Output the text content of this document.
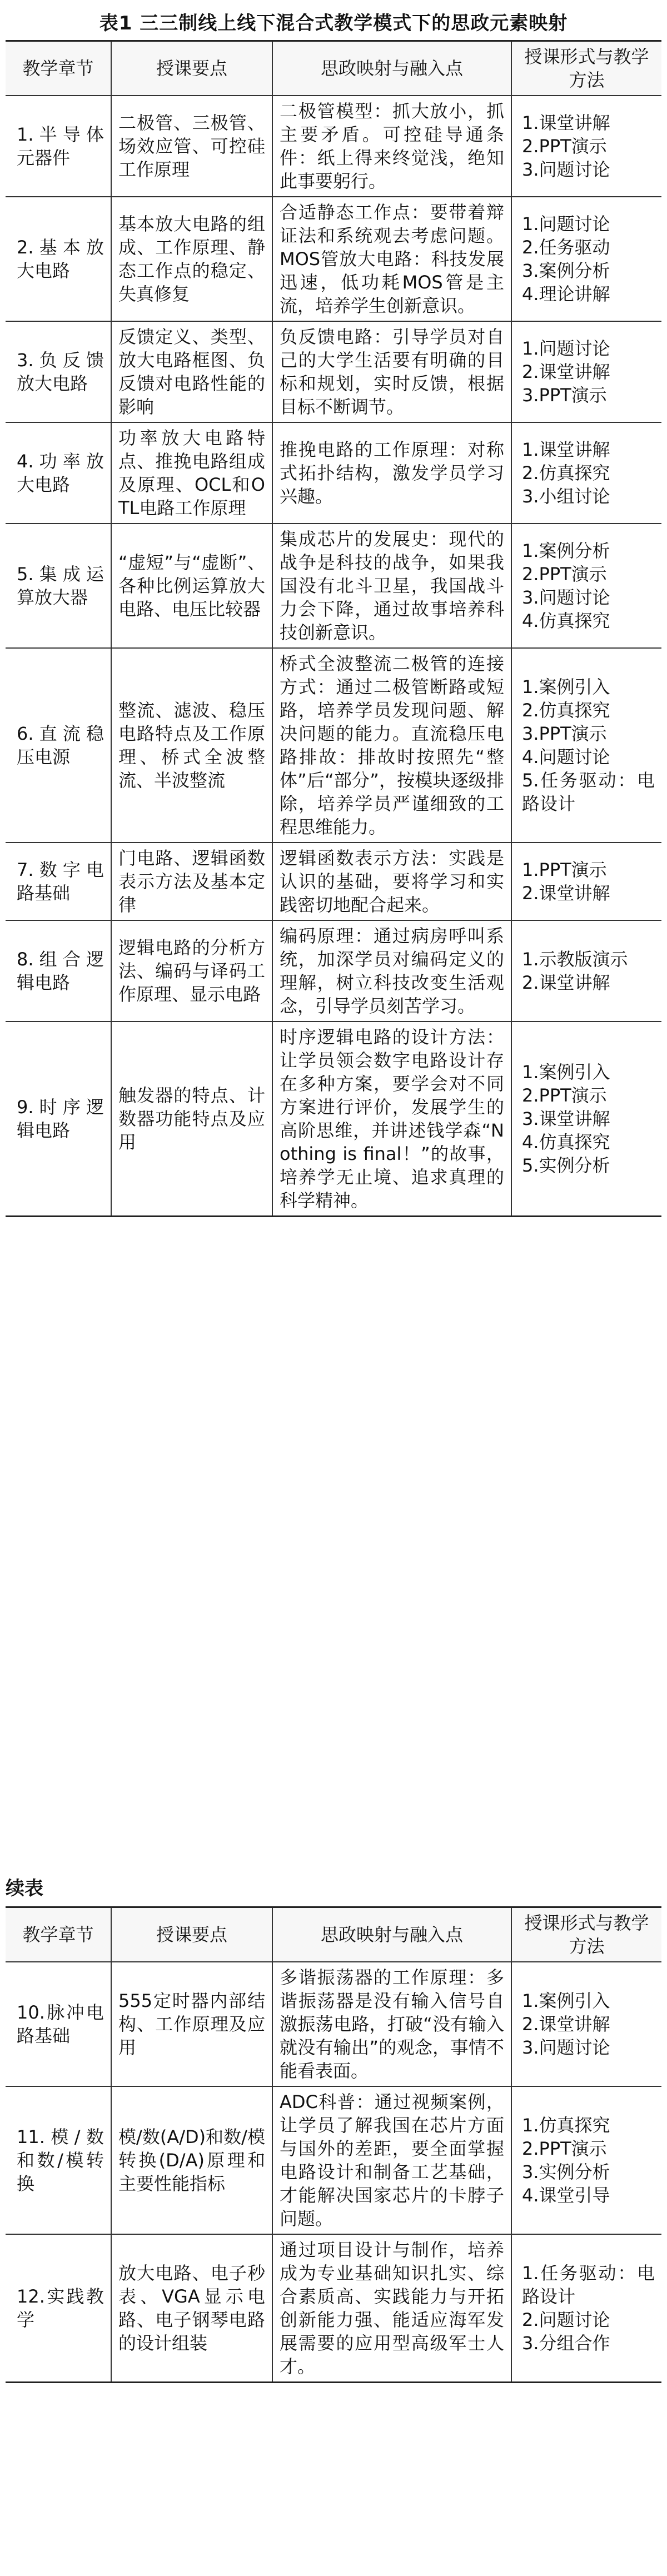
表1 三三制线上线下混合式教学模式下的思政元素映射
教学章节	授课要点	思政映射与融入点	授课形式与教学方法
1.半导体元器件	二极管、三极管、场效应管、可控硅工作原理	二极管模型：抓大放小，抓主要矛盾。可控硅导通条件：纸上得来终觉浅，绝知此事要躬行。	1.课堂讲解
2.PPT演示
3.问题讨论

2.基本放大电路	基本放大电路的组成、工作原理、静态工作点的稳定、失真修复	合适静态工作点：要带着辩证法和系统观去考虑问题。MOS管放大电路：科技发展迅速，低功耗MOS管是主流，培养学生创新意识。	1.问题讨论
2.任务驱动
3.案例分析
4.理论讲解

3.负反馈放大电路	反馈定义、类型、放大电路框图、负反馈对电路性能的影响	负反馈电路：引导学员对自己的大学生活要有明确的目标和规划，实时反馈，根据目标不断调节。	1.问题讨论
2.课堂讲解
3.PPT演示

4.功率放大电路	功率放大电路特点、推挽电路组成及原理、OCL和OTL电路工作原理	推挽电路的工作原理：对称式拓扑结构，激发学员学习兴趣。	1.课堂讲解
2.仿真探究
3.小组讨论

5.集成运算放大器	“虚短”与“虚断”、各种比例运算放大电路、电压比较器	集成芯片的发展史：现代的战争是科技的战争，如果我国没有北斗卫星，我国战斗力会下降，通过故事培养科技创新意识。	1.案例分析
2.PPT演示
3.问题讨论
4.仿真探究

6.直流稳压电源	整流、滤波、稳压电路特点及工作原理、桥式全波整流、半波整流	桥式全波整流二极管的连接方式：通过二极管断路或短路，培养学员发现问题、解决问题的能力。直流稳压电路排故：排故时按照先“整体”后“部分”，按模块逐级排除，培养学员严谨细致的工程思维能力。	1.案例引入
2.仿真探究
3.PPT演示
4.问题讨论
5.任务驱动：电路设计

7.数字电路基础	门电路、逻辑函数表示方法及基本定律	逻辑函数表示方法：实践是认识的基础，要将学习和实践密切地配合起来。	1.PPT演示
2.课堂讲解

8.组合逻辑电路	逻辑电路的分析方法、编码与译码工作原理、显示电路	编码原理：通过病房呼叫系统，加深学员对编码定义的理解，树立科技改变生活观念，引导学员刻苦学习。	1.示教版演示
2.课堂讲解

9.时序逻辑电路	触发器的特点、计数器功能特点及应用	时序逻辑电路的设计方法：让学员领会数字电路设计存在多种方案，要学会对不同方案进行评价，发展学生的高阶思维，并讲述钱学森“Nothing is final！”的故事，培养学无止境、追求真理的科学精神。	1.案例引入
2.PPT演示
3.课堂讲解
4.仿真探究
5.实例分析
续表
教学章节	授课要点	思政映射与融入点	授课形式与教学方法
10.脉冲电路基础	555定时器内部结构、工作原理及应用	多谐振荡器的工作原理：多谐振荡器是没有输入信号自激振荡电路，打破“没有输入就没有输出”的观念，事情不能看表面。	1.案例引入
2.课堂讲解
3.问题讨论

11.模/数和数/模转换	模/数(A/D)和数/模转换(D/A)原理和主要性能指标	ADC科普：通过视频案例，让学员了解我国在芯片方面与国外的差距，要全面掌握电路设计和制备工艺基础，才能解决国家芯片的卡脖子问题。	1.仿真探究
2.PPT演示
3.实例分析
4.课堂引导

12.实践教学	放大电路、电子秒表、VGA显示电路、电子钢琴电路的设计组装	通过项目设计与制作，培养成为专业基础知识扎实、综合素质高、实践能力与开拓创新能力强、能适应海军发展需要的应用型高级军士人才。	1.任务驱动：电路设计
2.问题讨论
3.分组合作
